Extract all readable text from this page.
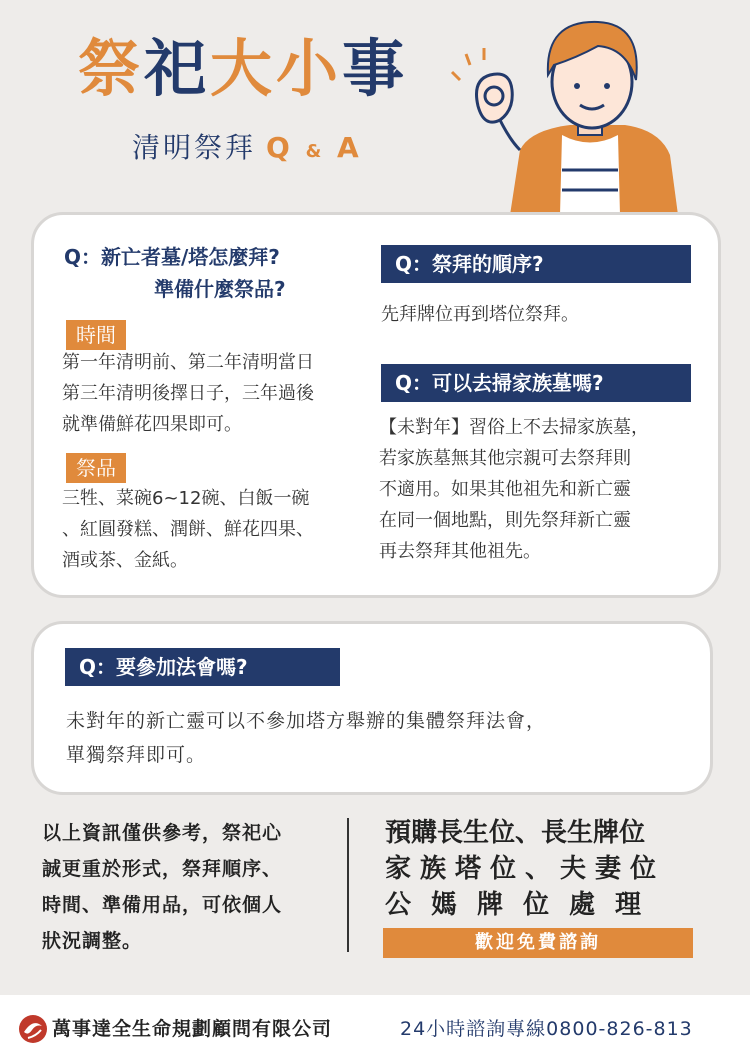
祭祀大小事
清明祭拜 Q & A
Q：新亡者墓/塔怎麼拜?
準備什麼祭品?
時間
第一年清明前、第二年清明當日
第三年清明後擇日子，三年過後
就準備鮮花四果即可。
祭品
三牲、菜碗6~12碗、白飯一碗
、紅圓發糕、潤餅、鮮花四果、
酒或茶、金紙。
Q：祭拜的順序?
先拜牌位再到塔位祭拜。
Q：可以去掃家族墓嗎?
【未對年】習俗上不去掃家族墓，
若家族墓無其他宗親可去祭拜則
不適用。如果其他祖先和新亡靈
在同一個地點，則先祭拜新亡靈
再去祭拜其他祖先。
Q：要參加法會嗎?
未對年的新亡靈可以不參加塔方舉辦的集體祭拜法會，
單獨祭拜即可。
以上資訊僅供參考，祭祀心
誠更重於形式，祭拜順序、
時間、準備用品，可依個人
狀況調整。
預購長生位、長生牌位
家族塔位、夫妻位
公媽牌位處理
歡迎免費諮詢
萬事達全生命規劃顧問有限公司	24小時諮詢專線0800-826-813
